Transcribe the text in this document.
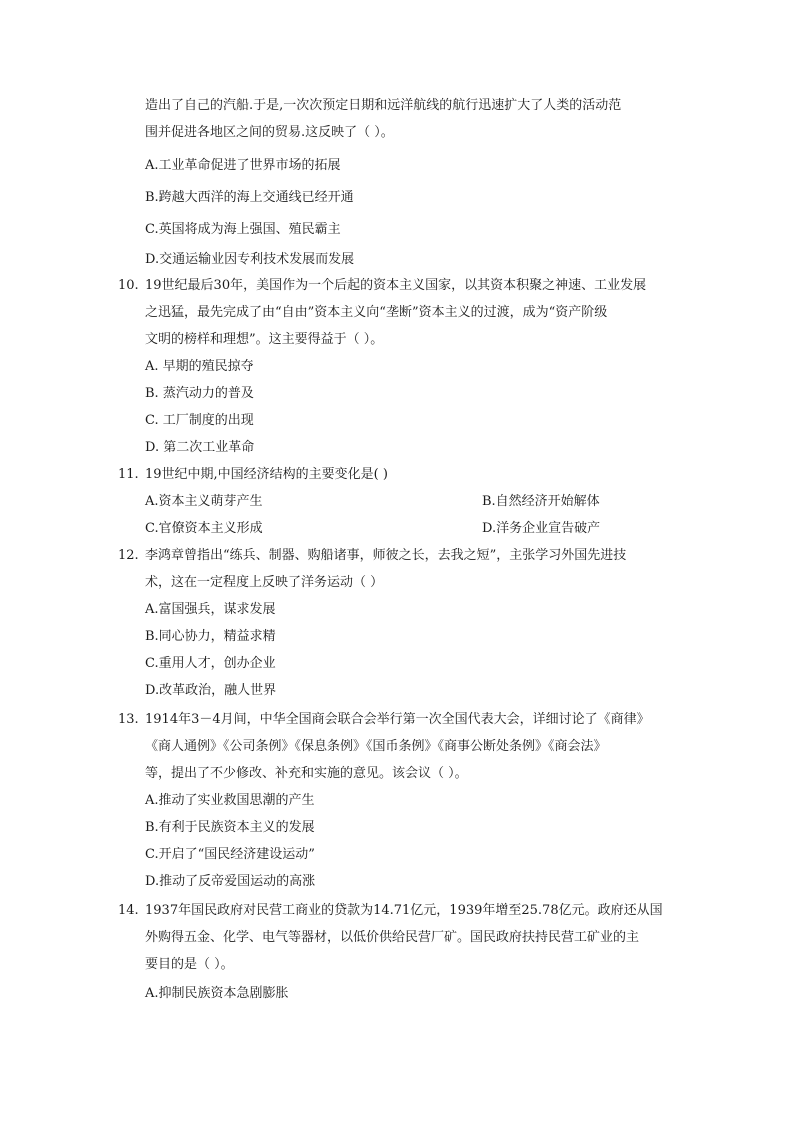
造出了自己的汽船.于是,一次次预定日期和远洋航线的航行迅速扩大了人类的活动范
围并促进各地区之间的贸易.这反映了（ ）。
A.工业革命促进了世界市场的拓展
B.跨越大西洋的海上交通线已经开通
C.英国将成为海上强国、殖民霸主
D.交通运输业因专利技术发展而发展
10. 19世纪最后30年，美国作为一个后起的资本主义国家，以其资本积聚之神速、工业发展
之迅猛，最先完成了由“自由”资本主义向“垄断”资本主义的过渡，成为“资产阶级
文明的榜样和理想”。这主要得益于（ ）。
A. 早期的殖民掠夺
B. 蒸汽动力的普及
C. 工厂制度的出现
D. 第二次工业革命
11. 19世纪中期,中国经济结构的主要变化是( )
A.资本主义萌芽产生	B.自然经济开始解体
C.官僚资本主义形成	D.洋务企业宣告破产
12. 李鸿章曾指出“练兵、制器、购船诸事，师彼之长，去我之短”，主张学习外国先进技
术，这在一定程度上反映了洋务运动（ ）
A.富国强兵，谋求发展
B.同心协力，精益求精
C.重用人才，创办企业
D.改革政治，融人世界
13. 1914年3－4月间，中华全国商会联合会举行第一次全国代表大会，详细讨论了《商律》
《商人通例》《公司条例》《保息条例》《国币条例》《商事公断处条例》《商会法》
等，提出了不少修改、补充和实施的意见。该会议（ ）。
A.推动了实业救国思潮的产生
B.有利于民族资本主义的发展
C.开启了“国民经济建设运动”
D.推动了反帝爱国运动的高涨
14. 1937年国民政府对民营工商业的贷款为14.71亿元，1939年增至25.78亿元。政府还从国
外购得五金、化学、电气等器材，以低价供给民营厂矿。国民政府扶持民营工矿业的主
要目的是（ ）。
A.抑制民族资本急剧膨胀
